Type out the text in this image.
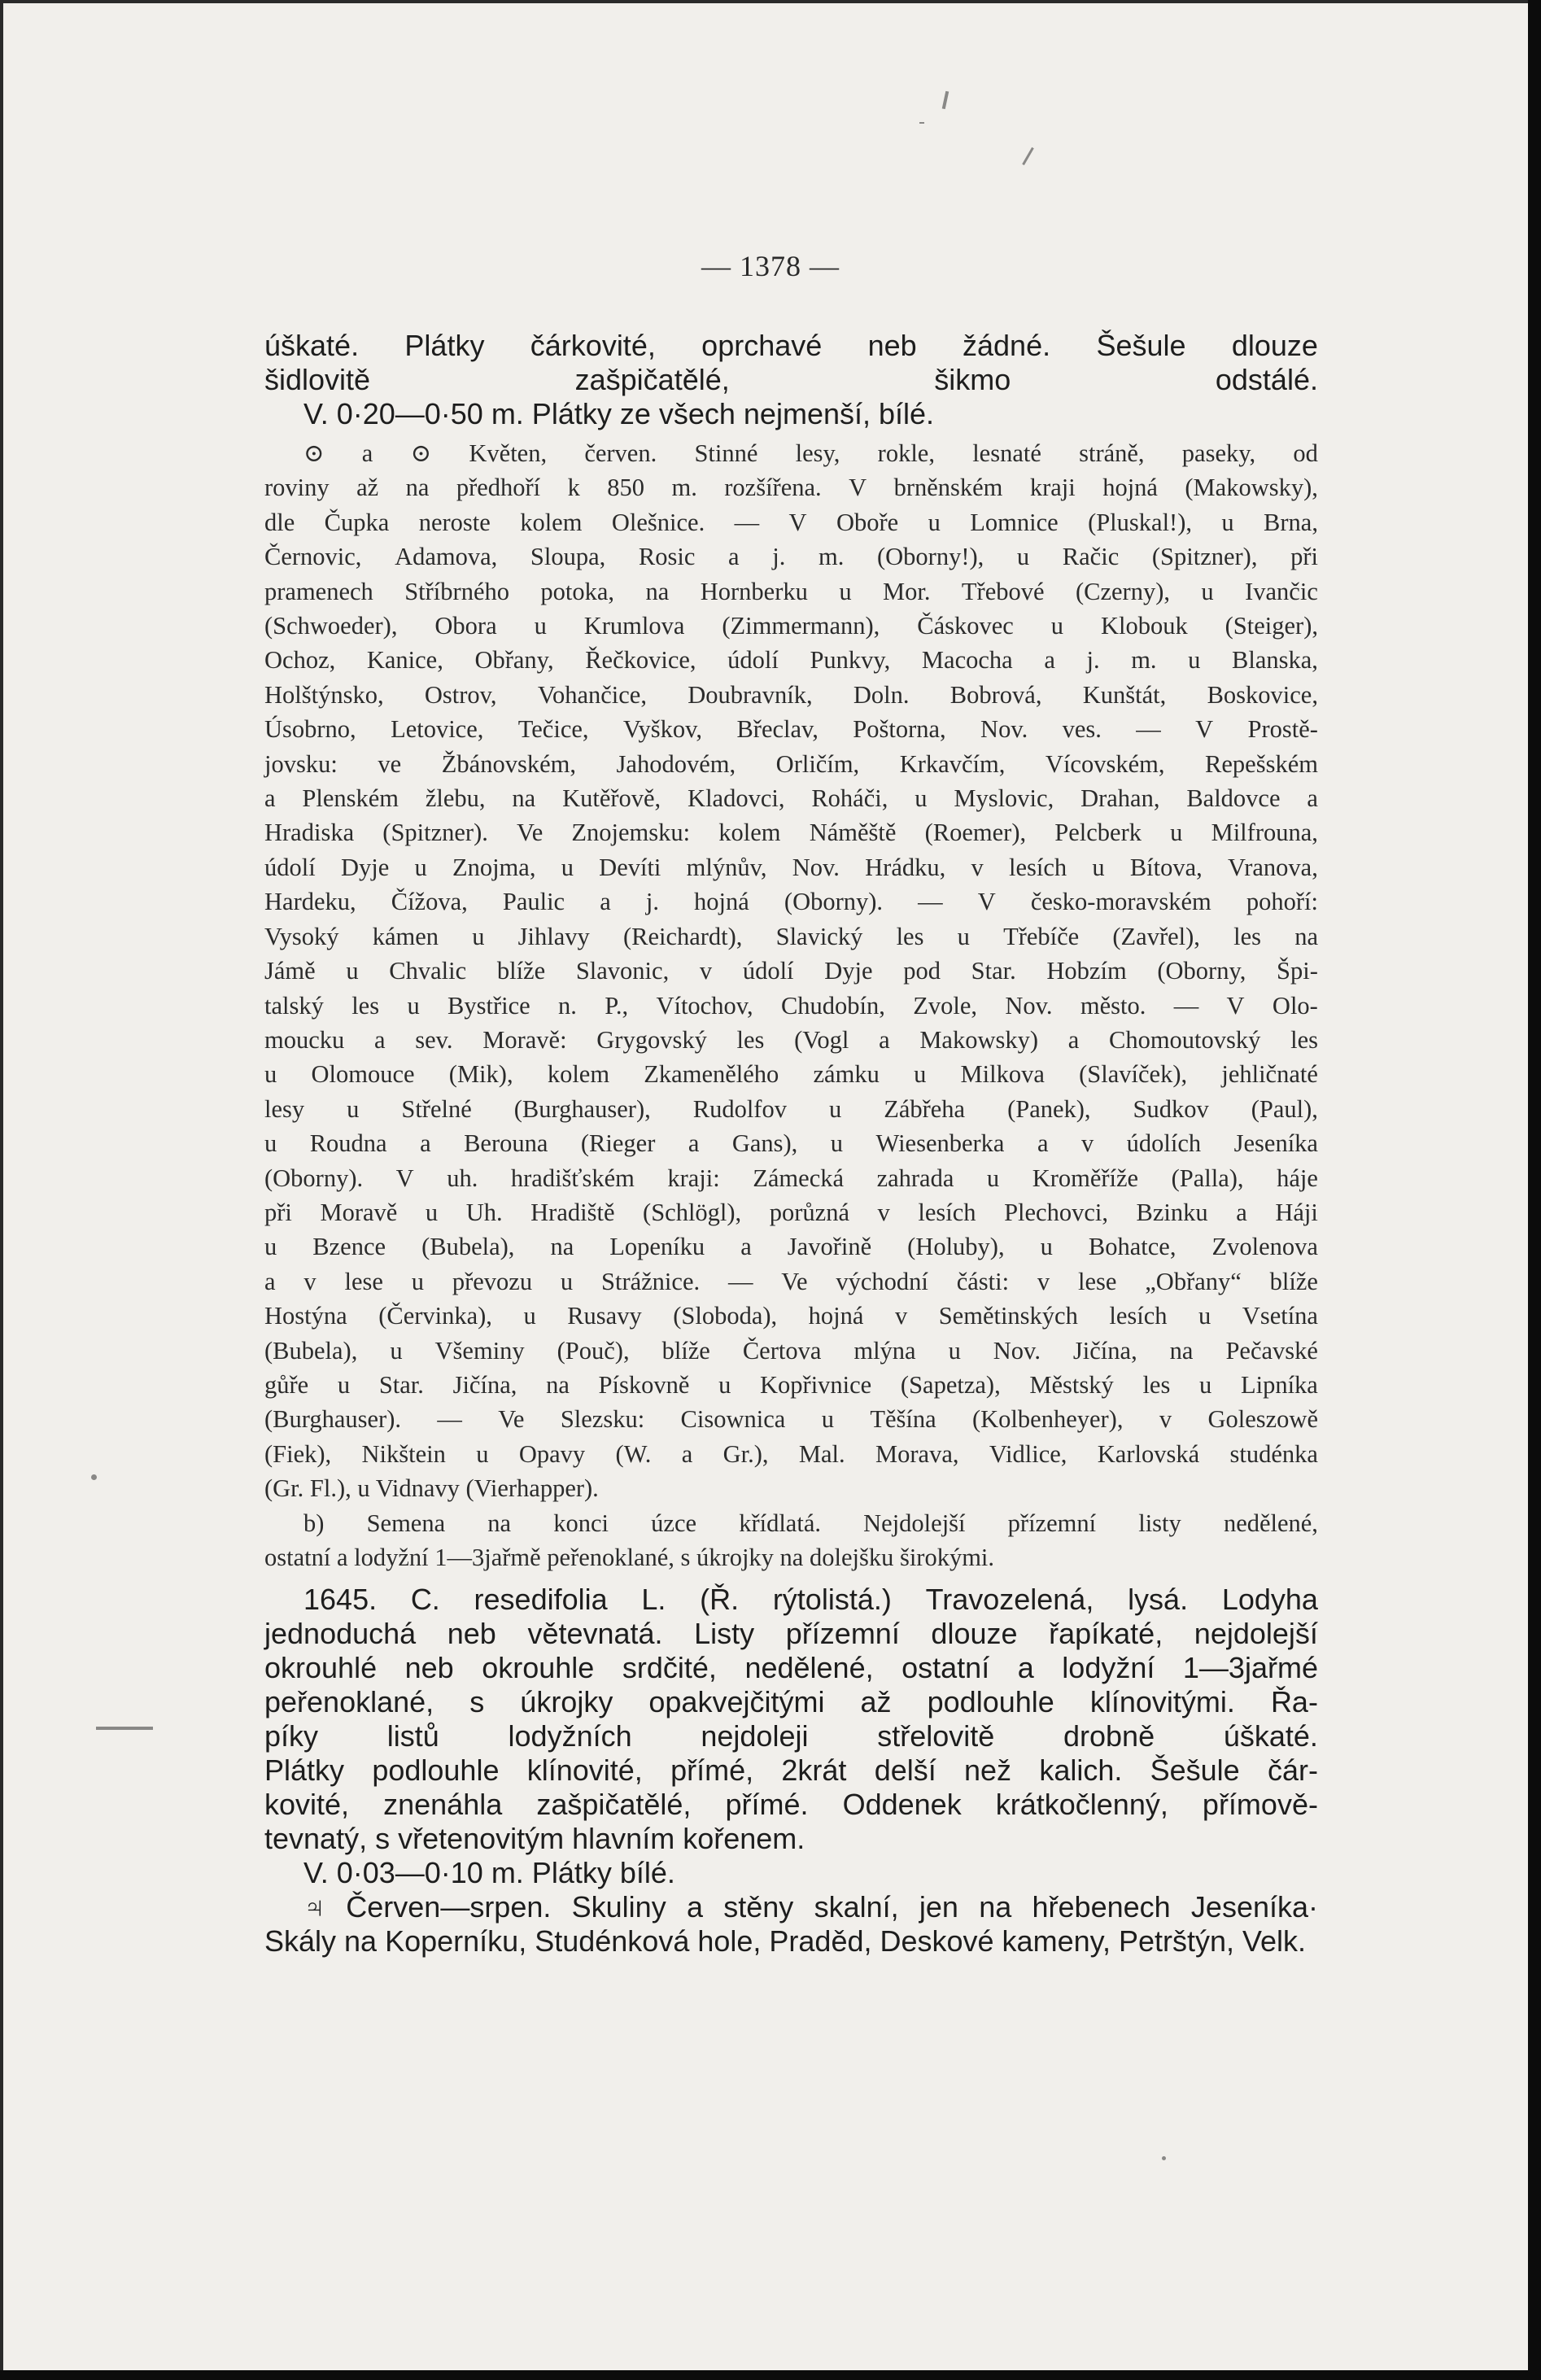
— 1378 —
úškaté. Plátky čárkovité, oprchavé neb žádné. Šešule dlouze
šidlovitě	zašpičatělé,	šikmo	odstálé.
V. 0·20—0·50 m. Plátky ze všech nejmenší, bílé.
⊙ a ⊙ Květen, červen. Stinné lesy, rokle, lesnaté stráně, paseky, od
roviny až na předhoří k 850 m. rozšířena. V brněnském kraji hojná (Makowsky),
dle Čupka neroste kolem Olešnice. — V Oboře u Lomnice (Pluskal!), u Brna,
Černovic, Adamova, Sloupa, Rosic a j. m. (Oborny!), u Račic (Spitzner), při
pramenech Stříbrného potoka, na Hornberku u Mor. Třebové (Czerny), u Ivančic
(Schwoeder), Obora u Krumlova (Zimmermann), Čáskovec u Klobouk (Steiger),
Ochoz, Kanice, Obřany, Řečkovice, údolí Punkvy, Macocha a j. m. u Blanska,
Holštýnsko, Ostrov, Vohančice, Doubravník, Doln. Bobrová, Kunštát, Boskovice,
Úsobrno, Letovice, Tečice, Vyškov, Břeclav, Poštorna, Nov. ves. — V Prostě-
jovsku: ve Žbánovském, Jahodovém, Orličím, Krkavčím, Vícovském, Repešském
a Plenském žlebu, na Kutěřově, Kladovci, Roháči, u Myslovic, Drahan, Baldovce a
Hradiska (Spitzner). Ve Znojemsku: kolem Náměště (Roemer), Pelcberk u Milfrouna,
údolí Dyje u Znojma, u Devíti mlýnův, Nov. Hrádku, v lesích u Bítova, Vranova,
Hardeku, Čížova, Paulic a j. hojná (Oborny). — V česko-moravském pohoří:
Vysoký kámen u Jihlavy (Reichardt), Slavický les u Třebíče (Zavřel), les na
Jámě u Chvalic blíže Slavonic, v údolí Dyje pod Star. Hobzím (Oborny, Špi-
talský les u Bystřice n. P., Vítochov, Chudobín, Zvole, Nov. město. — V Olo-
moucku a sev. Moravě: Grygovský les (Vogl a Makowsky) a Chomoutovský les
u Olomouce (Mik), kolem Zkamenělého zámku u Milkova (Slavíček), jehličnaté
lesy u Střelné (Burghauser), Rudolfov u Zábřeha (Panek), Sudkov (Paul),
u Roudna a Berouna (Rieger a Gans), u Wiesenberka a v údolích Jeseníka
(Oborny). V uh. hradišťském kraji: Zámecká zahrada u Kroměříže (Palla), háje
při Moravě u Uh. Hradiště (Schlögl), porůzná v lesích Plechovci, Bzinku a Háji
u Bzence (Bubela), na Lopeníku a Javořině (Holuby), u Bohatce, Zvolenova
a v lese u převozu u Strážnice. — Ve východní části: v lese „Obřany“ blíže
Hostýna (Červinka), u Rusavy (Sloboda), hojná v Semětinských lesích u Vsetína
(Bubela), u Všeminy (Pouč), blíže Čertova mlýna u Nov. Jičína, na Pečavské
gůře u Star. Jičína, na Pískovně u Kopřivnice (Sapetza), Městský les u Lipníka
(Burghauser). — Ve Slezsku: Cisownica u Těšína (Kolbenheyer), v Goleszowě
(Fiek), Nikštein u Opavy (W. a Gr.), Mal. Morava, Vidlice, Karlovská studénka
(Gr. Fl.), u Vidnavy (Vierhapper).
b) Semena na konci úzce křídlatá. Nejdolejší přízemní listy nedělené,
ostatní a lodyžní 1—3jařmě peřenoklané, s úkrojky na dolejšku širokými.
1645. C. resedifolia L. (Ř. rýtolistá.) Travozelená, lysá. Lodyha
jednoduchá neb větevnatá. Listy přízemní dlouze řapíkaté, nejdolejší
okrouhlé neb okrouhle srdčité, nedělené, ostatní a lodyžní 1—3jařmé
peřenoklané, s úkrojky opakvejčitými až podlouhle klínovitými. Řa-
píky listů lodyžních nejdoleji střelovitě drobně úškaté.
Plátky podlouhle klínovité, přímé, 2krát delší než kalich. Šešule čár-
kovité, znenáhla zašpičatělé, přímé. Oddenek krátkočlenný, přímově-
tevnatý, s vřetenovitým hlavním kořenem.
V. 0·03—0·10 m. Plátky bílé.
♃ Červen—srpen. Skuliny a stěny skalní, jen na hřebenech Jeseníka·
Skály na Koperníku, Studénková hole, Praděd, Deskové kameny, Petrštýn, Velk.
